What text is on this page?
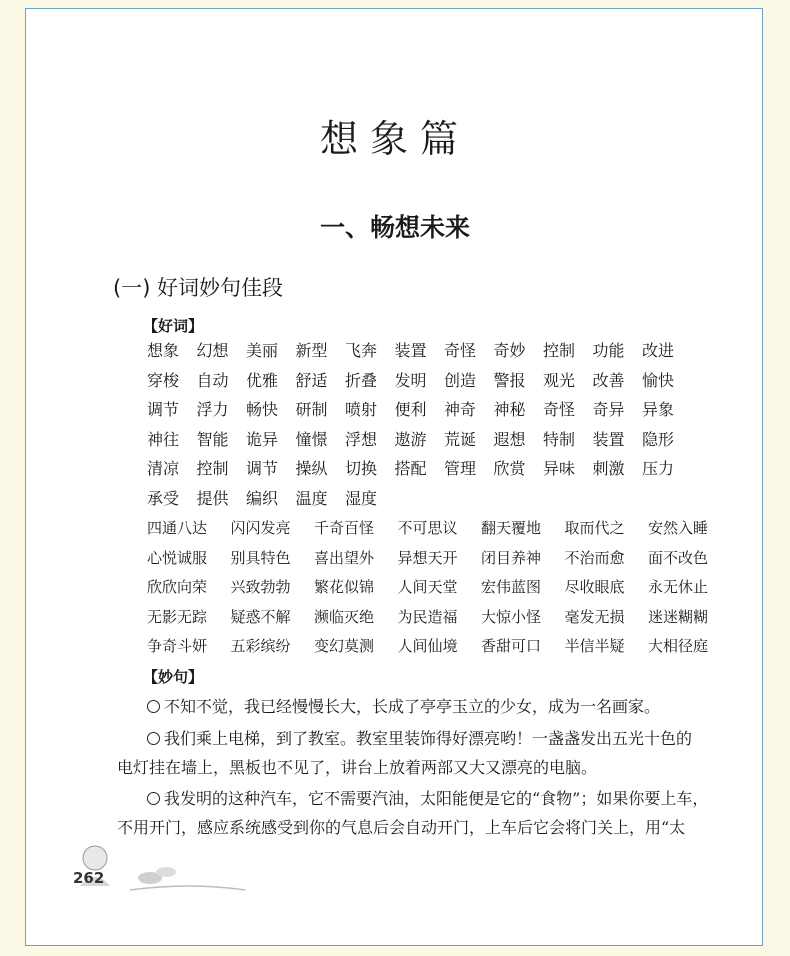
想象篇
一、畅想未来
(一) 好词妙句佳段
【好词】
想象 幻想 美丽 新型 飞奔 装置 奇怪 奇妙 控制 功能 改进
穿梭 自动 优雅 舒适 折叠 发明 创造 警报 观光 改善 愉快
调节 浮力 畅快 研制 喷射 便利 神奇 神秘 奇怪 奇异 异象
神往 智能 诡异 憧憬 浮想 遨游 荒诞 遐想 特制 装置 隐形
清凉 控制 调节 操纵 切换 搭配 管理 欣赏 异味 刺激 压力
承受 提供 编织 温度 湿度
四通八达 闪闪发亮 千奇百怪 不可思议 翻天覆地 取而代之 安然入睡
心悦诚服 别具特色 喜出望外 异想天开 闭目养神 不治而愈 面不改色
欣欣向荣 兴致勃勃 繁花似锦 人间天堂 宏伟蓝图 尽收眼底 永无休止
无影无踪 疑惑不解 濒临灭绝 为民造福 大惊小怪 毫发无损 迷迷糊糊
争奇斗妍 五彩缤纷 变幻莫测 人间仙境 香甜可口 半信半疑 大相径庭
【妙句】
不知不觉，我已经慢慢长大，长成了亭亭玉立的少女，成为一名画家。
我们乘上电梯，到了教室。教室里装饰得好漂亮哟！一盏盏发出五光十色的
电灯挂在墙上，黑板也不见了，讲台上放着两部又大又漂亮的电脑。
我发明的这种汽车，它不需要汽油，太阳能便是它的“食物”；如果你要上车，
不用开门，感应系统感受到你的气息后会自动开门，上车后它会将门关上，用“太
262
